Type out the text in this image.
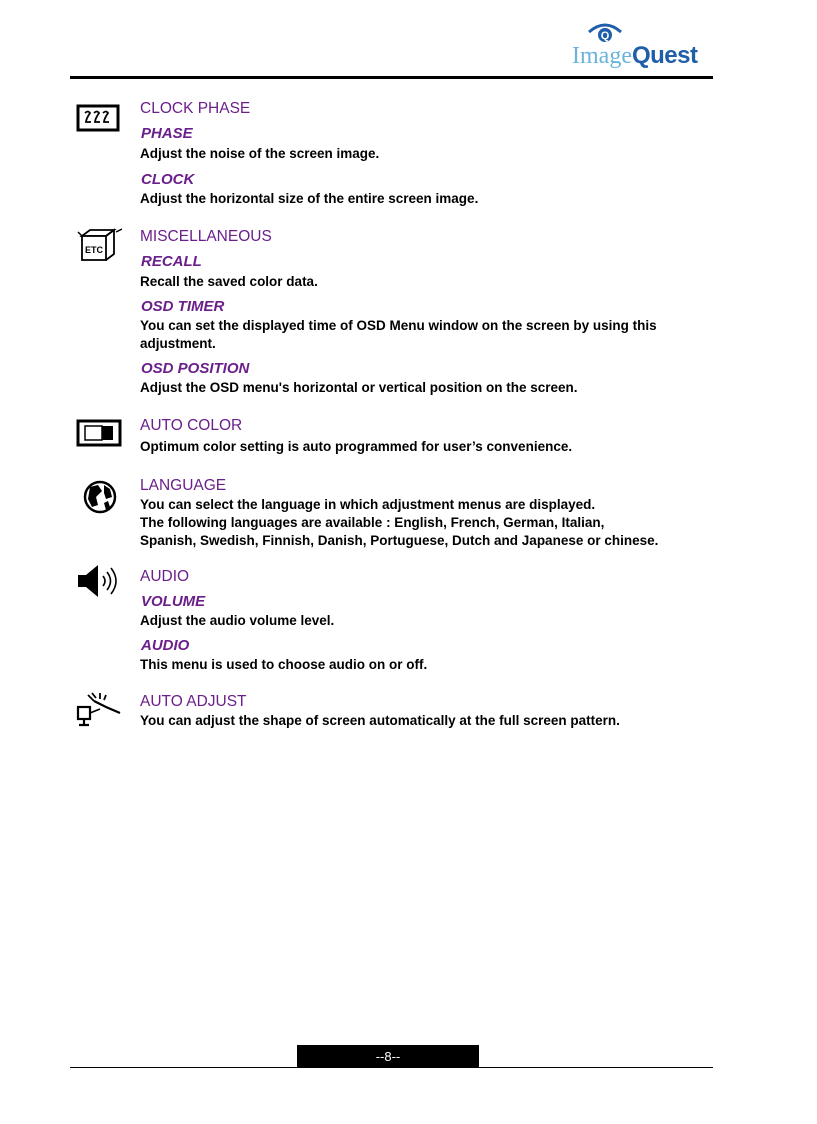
Q
ImageQuest
CLOCK PHASE
PHASE
Adjust the noise of the screen image.
CLOCK
Adjust the horizontal size of the entire screen image.
ETC
MISCELLANEOUS
RECALL
Recall the saved color data.
OSD TIMER
You can set the displayed time of OSD Menu window on the screen by using this
adjustment.
OSD POSITION
Adjust the OSD menu's horizontal or vertical position on the screen.
AUTO COLOR
Optimum color setting is auto programmed for user’s convenience.
LANGUAGE
You can select the language in which adjustment menus are displayed.
The following languages are available : English, French, German, Italian,
Spanish, Swedish, Finnish, Danish, Portuguese, Dutch and Japanese or chinese.
AUDIO
VOLUME
Adjust the audio volume level.
AUDIO
This menu is used to choose audio on or off.
AUTO ADJUST
You can adjust the shape of screen automatically at the full screen pattern.
--8--
